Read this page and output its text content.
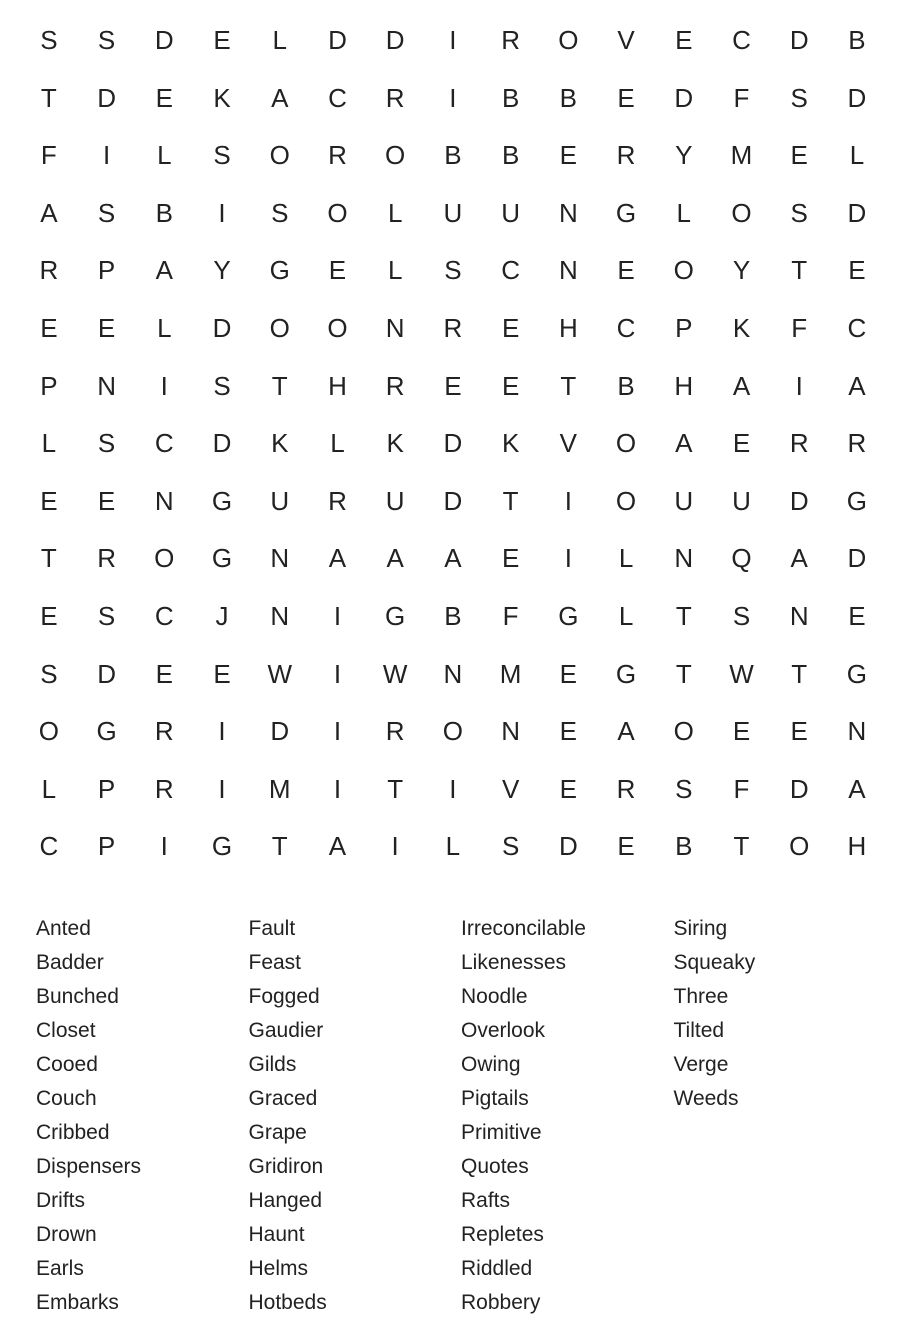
S	S	D	E	L	D	D	I	R	O	V	E	C	D	B
T	D	E	K	A	C	R	I	B	B	E	D	F	S	D
F	I	L	S	O	R	O	B	B	E	R	Y	M	E	L
A	S	B	I	S	O	L	U	U	N	G	L	O	S	D
R	P	A	Y	G	E	L	S	C	N	E	O	Y	T	E
E	E	L	D	O	O	N	R	E	H	C	P	K	F	C
P	N	I	S	T	H	R	E	E	T	B	H	A	I	A
L	S	C	D	K	L	K	D	K	V	O	A	E	R	R
E	E	N	G	U	R	U	D	T	I	O	U	U	D	G
T	R	O	G	N	A	A	A	E	I	L	N	Q	A	D
E	S	C	J	N	I	G	B	F	G	L	T	S	N	E
S	D	E	E	W	I	W	N	M	E	G	T	W	T	G
O	G	R	I	D	I	R	O	N	E	A	O	E	E	N
L	P	R	I	M	I	T	I	V	E	R	S	F	D	A
C	P	I	G	T	A	I	L	S	D	E	B	T	O	H
Anted
Badder
Bunched
Closet
Cooed
Couch
Cribbed
Dispensers
Drifts
Drown
Earls
Embarks
Fault
Feast
Fogged
Gaudier
Gilds
Graced
Grape
Gridiron
Hanged
Haunt
Helms
Hotbeds
Irreconcilable
Likenesses
Noodle
Overlook
Owing
Pigtails
Primitive
Quotes
Rafts
Repletes
Riddled
Robbery
Siring
Squeaky
Three
Tilted
Verge
Weeds
